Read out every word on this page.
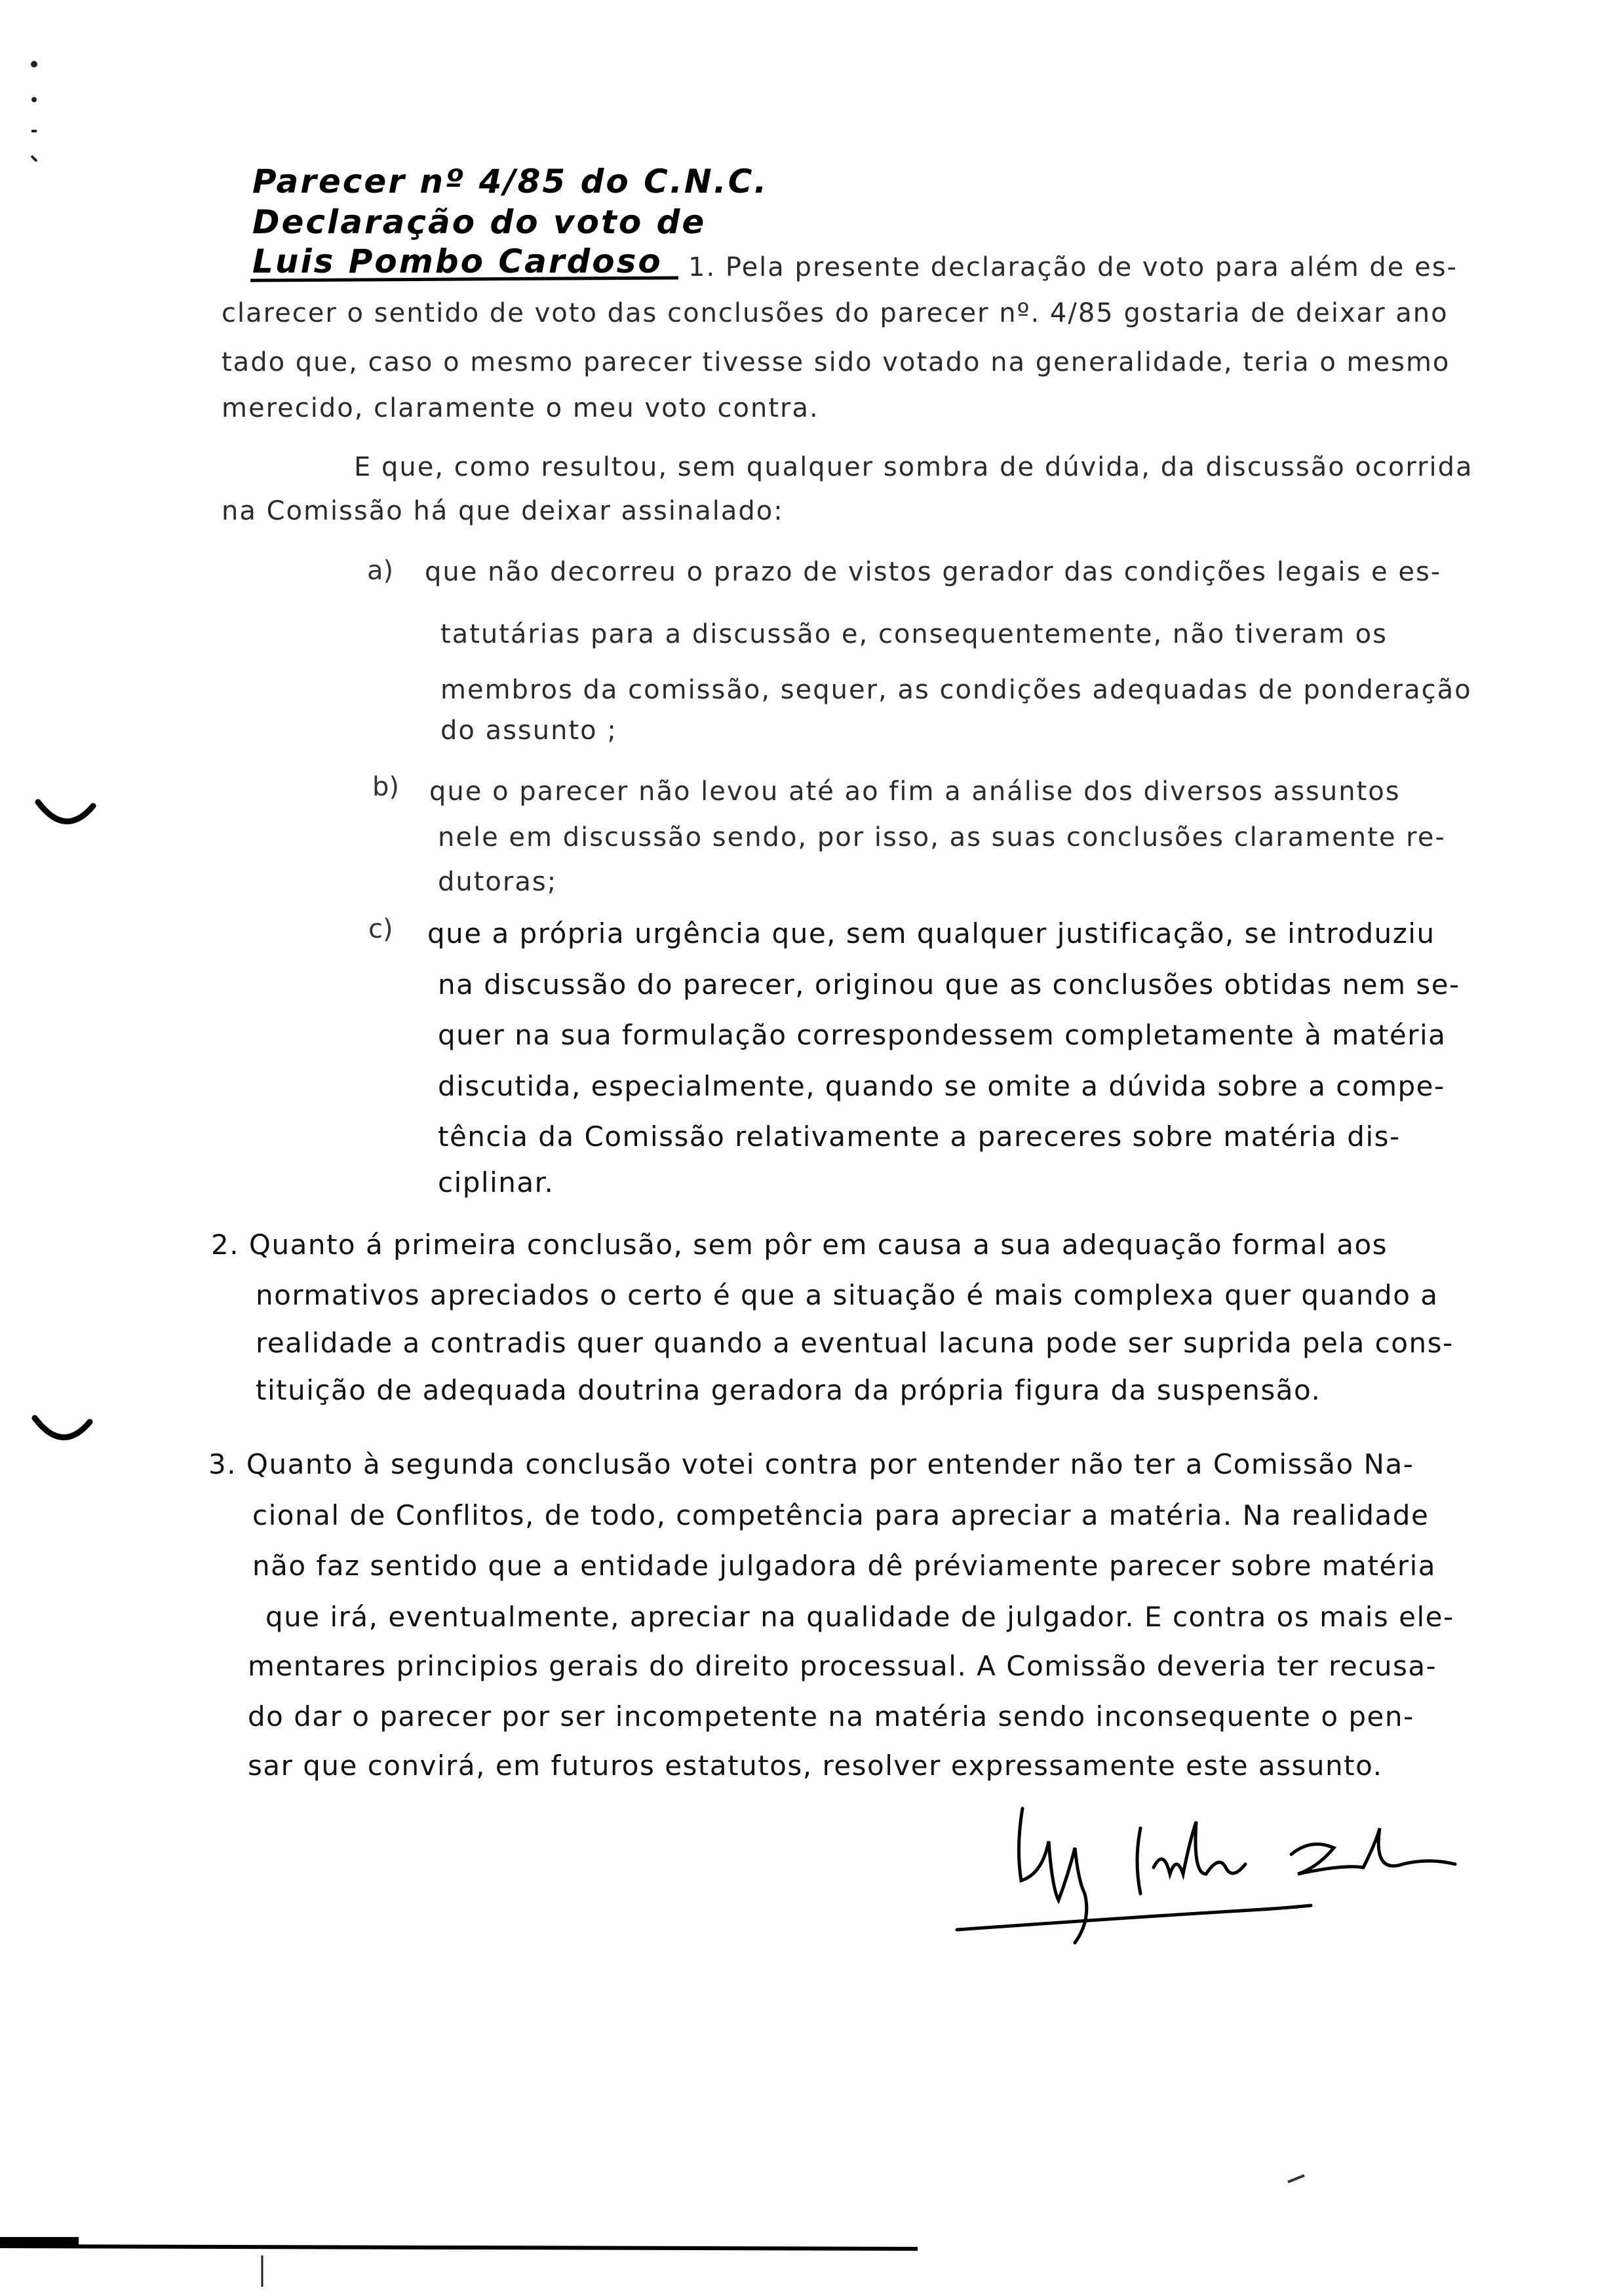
Parecer nº 4/85 do C.N.C.
Declaração do voto de
Luis Pombo Cardoso 1. Pela presente declaração de voto para além de es-
clarecer o sentido de voto das conclusões do parecer nº. 4/85 gostaria de deixar ano
tado que, caso o mesmo parecer tivesse sido votado na generalidade, teria o mesmo
merecido, claramente o meu voto contra.
E que, como resultou, sem qualquer sombra de dúvida, da discussão ocorrida
na Comissão há que deixar assinalado:
a) que não decorreu o prazo de vistos gerador das condições legais e es-
tatutárias para a discussão e, consequentemente, não tiveram os
membros da comissão, sequer, as condições adequadas de ponderação
do assunto ;
b) que o parecer não levou até ao fim a análise dos diversos assuntos
nele em discussão sendo, por isso, as suas conclusões claramente re-
dutoras;
c) que a própria urgência que, sem qualquer justificação, se introduziu
na discussão do parecer, originou que as conclusões obtidas nem se-
quer na sua formulação correspondessem completamente à matéria
discutida, especialmente, quando se omite a dúvida sobre a compe-
tência da Comissão relativamente a pareceres sobre matéria dis-
ciplinar.
2. Quanto á primeira conclusão, sem pôr em causa a sua adequação formal aos
normativos apreciados o certo é que a situação é mais complexa quer quando a
realidade a contradis quer quando a eventual lacuna pode ser suprida pela cons-
tituição de adequada doutrina geradora da própria figura da suspensão.
3. Quanto à segunda conclusão votei contra por entender não ter a Comissão Na-
cional de Conflitos, de todo, competência para apreciar a matéria. Na realidade
não faz sentido que a entidade julgadora dê préviamente parecer sobre matéria
que irá, eventualmente, apreciar na qualidade de julgador. E contra os mais ele-
mentares principios gerais do direito processual. A Comissão deveria ter recusa-
do dar o parecer por ser incompetente na matéria sendo inconsequente o pen-
sar que convirá, em futuros estatutos, resolver expressamente este assunto.
